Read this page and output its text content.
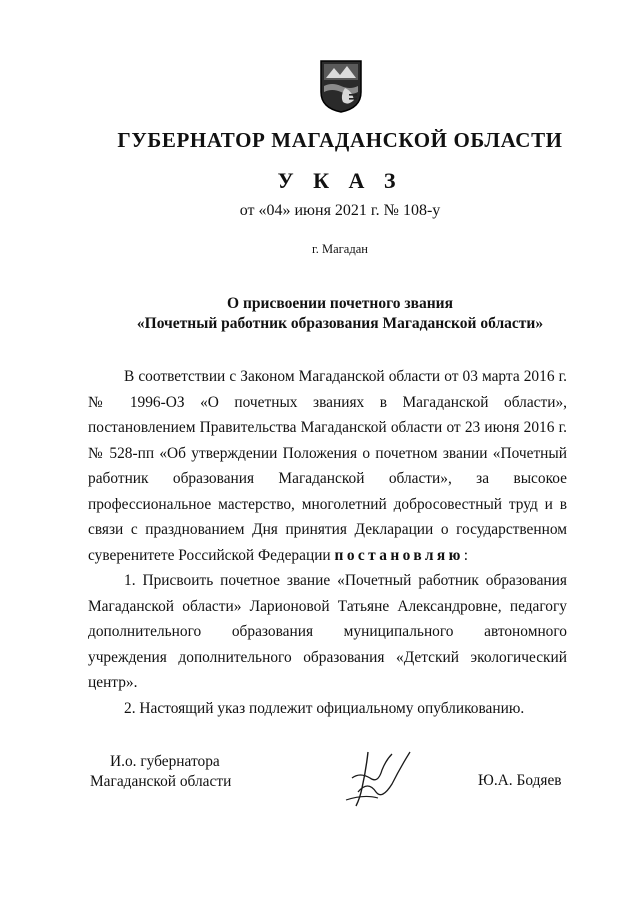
ГУБЕРНАТОР МАГАДАНСКОЙ ОБЛАСТИ
У К А З
от «04» июня 2021 г. № 108-у
г. Магадан
О присвоении почетного звания
«Почетный работник образования Магаданской области»

В соответствии с Законом Магаданской области от 03 марта 2016 г. № 1996-ОЗ «О почетных званиях в Магаданской области», постановлением Правительства Магаданской области от 23 июня 2016 г. № 528-пп «Об утверждении Положения о почетном звании «Почетный работник образования Магаданской области», за высокое профессиональное мастерство, многолетний добросовестный труд и в связи с празднованием Дня принятия Декларации о государственном суверенитете Российской Федерации постановляю:

1. Присвоить почетное звание «Почетный работник образования Магаданской области» Ларионовой Татьяне Александровне, педагогу дополнительного образования муниципального автономного учреждения дополнительного образования «Детский экологический центр».

2. Настоящий указ подлежит официальному опубликованию.

И.о. губернатора
Магаданской области	Ю.А. Бодяев
